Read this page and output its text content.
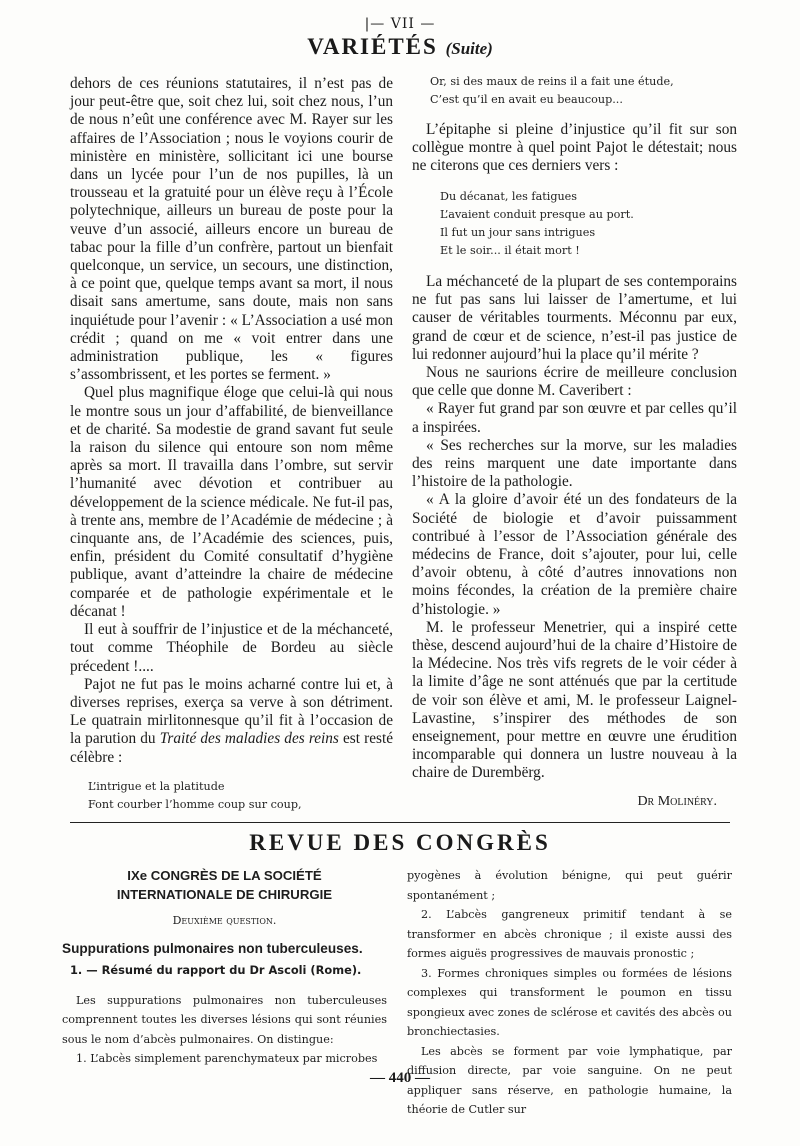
|— VII —
VARIÉTÉS (Suite)

dehors de ces réunions statutaires, il n’est pas de jour peut-être que, soit chez lui, soit chez nous, l’un de nous n’eût une conférence avec M. Rayer sur les affaires de l’Association ; nous le voyions courir de ministère en ministère, sollicitant ici une bourse dans un lycée pour l’un de nos pupilles, là un trousseau et la gratuité pour un élève reçu à l’École polytechnique, ailleurs un bureau de poste pour la veuve d’un associé, ailleurs encore un bureau de tabac pour la fille d’un confrère, partout un bienfait quelconque, un service, un secours, une distinction, à ce point que, quelque temps avant sa mort, il nous disait sans amertume, sans doute, mais non sans inquiétude pour l’avenir : « L’Association a usé mon crédit ; quand on me « voit entrer dans une administration publique, les « figures s’assombrissent, et les portes se ferment. »

Quel plus magnifique éloge que celui-là qui nous le montre sous un jour d’affabilité, de bienveillance et de charité. Sa modestie de grand savant fut seule la raison du silence qui entoure son nom même après sa mort. Il travailla dans l’ombre, sut servir l’humanité avec dévotion et contribuer au développement de la science médicale. Ne fut-il pas, à trente ans, membre de l’Académie de médecine ; à cinquante ans, de l’Académie des sciences, puis, enfin, président du Comité consultatif d’hygiène publique, avant d’atteindre la chaire de médecine comparée et de pathologie expérimentale et le décanat !

Il eut à souffrir de l’injustice et de la méchanceté, tout comme Théophile de Bordeu au siècle précedent !....

Pajot ne fut pas le moins acharné contre lui et, à diverses reprises, exerça sa verve à son détriment. Le quatrain mirlitonnesque qu’il fit à l’occasion de la parution du Traité des maladies des reins est resté célèbre :

L’intrigue et la platitude
Font courber l’homme coup sur coup,
Or, si des maux de reins il a fait une étude,
C’est qu’il en avait eu beaucoup...

L’épitaphe si pleine d’injustice qu’il fit sur son collègue montre à quel point Pajot le détestait; nous ne citerons que ces derniers vers :

Du décanat, les fatigues
L’avaient conduit presque au port.
Il fut un jour sans intrigues
Et le soir... il était mort !

La méchanceté de la plupart de ses contemporains ne fut pas sans lui laisser de l’amertume, et lui causer de véritables tourments. Méconnu par eux, grand de cœur et de science, n’est-il pas justice de lui redonner aujourd’hui la place qu’il mérite ?

Nous ne saurions écrire de meilleure conclusion que celle que donne M. Caveribert :

« Rayer fut grand par son œuvre et par celles qu’il a inspirées.

« Ses recherches sur la morve, sur les maladies des reins marquent une date importante dans l’histoire de la pathologie.

« A la gloire d’avoir été un des fondateurs de la Société de biologie et d’avoir puissamment contribué à l’essor de l’Association générale des médecins de France, doit s’ajouter, pour lui, celle d’avoir obtenu, à côté d’autres innovations non moins fécondes, la création de la première chaire d’histologie. »

M. le professeur Menetrier, qui a inspiré cette thèse, descend aujourd’hui de la chaire d’Histoire de la Médecine. Nos très vifs regrets de le voir céder à la limite d’âge ne sont atténués que par la certitude de voir son élève et ami, M. le professeur Laignel-Lavastine, s’inspirer des méthodes de son enseignement, pour mettre en œuvre une érudition incomparable qui donnera un lustre nouveau à la chaire de Durembërg.

Dr Molinéry.
REVUE DES CONGRÈS
IXe CONGRÈS DE LA SOCIÉTÉ INTERNATIONALE DE CHIRURGIE
Deuxième question.
Suppurations pulmonaires non tuberculeuses.
1. — Résumé du rapport du Dr Ascoli (Rome).

Les suppurations pulmonaires non tuberculeuses comprennent toutes les diverses lésions qui sont réunies sous le nom d’abcès pulmonaires. On distingue:

1. L’abcès simplement parenchymateux par microbes

pyogènes à évolution bénigne, qui peut guérir spontanément ;

2. L’abcès gangreneux primitif tendant à se transformer en abcès chronique ; il existe aussi des formes aiguës progressives de mauvais pronostic ;

3. Formes chroniques simples ou formées de lésions complexes qui transforment le poumon en tissu spongieux avec zones de sclérose et cavités des abcès ou bronchiectasies.

Les abcès se forment par voie lymphatique, par diffusion directe, par voie sanguine. On ne peut appliquer sans réserve, en pathologie humaine, la théorie de Cutler sur

— 440 —
